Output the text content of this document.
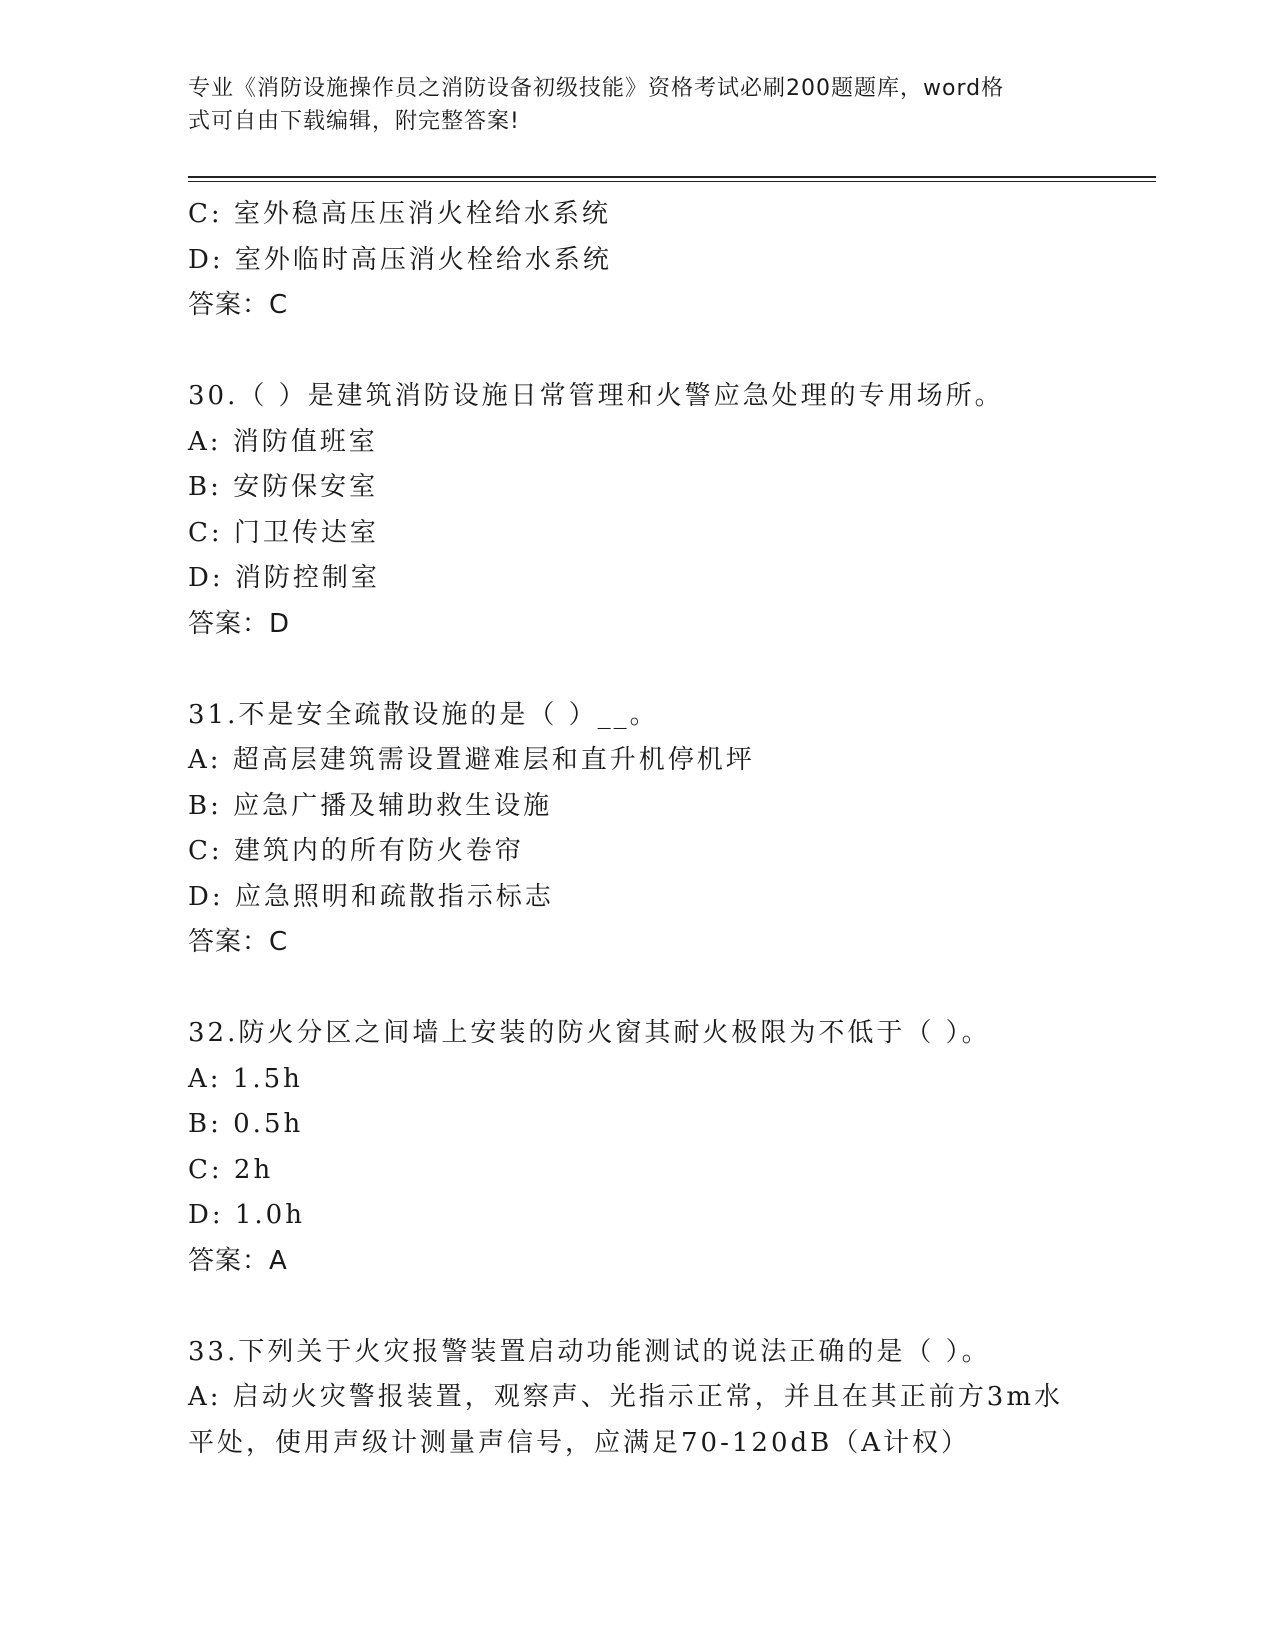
专业《消防设施操作员之消防设备初级技能》资格考试必刷200题题库，word格
式可自由下载编辑，附完整答案!
C: 室外稳高压压消火栓给水系统
D: 室外临时高压消火栓给水系统
答案：C
30.（ ）是建筑消防设施日常管理和火警应急处理的专用场所。
A: 消防值班室
B: 安防保安室
C: 门卫传达室
D: 消防控制室
答案：D
31.不是安全疏散设施的是（ ）__。
A: 超高层建筑需设置避难层和直升机停机坪
B: 应急广播及辅助救生设施
C: 建筑内的所有防火卷帘
D: 应急照明和疏散指示标志
答案：C
32.防火分区之间墙上安装的防火窗其耐火极限为不低于（ ）。
A: 1.5h
B: 0.5h
C: 2h
D: 1.0h
答案：A
33.下列关于火灾报警装置启动功能测试的说法正确的是（ ）。
A: 启动火灾警报装置，观察声、光指示正常，并且在其正前方3m水
平处，使用声级计测量声信号，应满足70-120dB（A计权）
